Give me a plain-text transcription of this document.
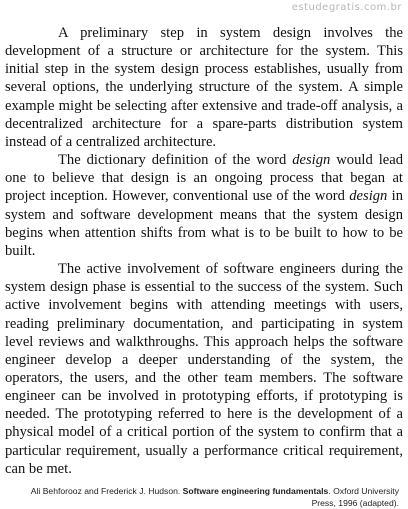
estudegratis.com.br

A preliminary step in system design involves the development of a structure or architecture for the system. This initial step in the system design process establishes, usually from several options, the underlying structure of the system. A simple example might be selecting after extensive and trade-off analysis, a decentralized architecture for a spare-parts distribution system instead of a centralized architecture.

The dictionary definition of the word design would lead one to believe that design is an ongoing process that began at project inception. However, conventional use of the word design in system and software development means that the system design begins when attention shifts from what is to be built to how to be built.

The active involvement of software engineers during the system design phase is essential to the success of the system. Such active involvement begins with attending meetings with users, reading preliminary documentation, and participating in system level reviews and walkthroughs. This approach helps the software engineer develop a deeper understanding of the system, the operators, the users, and the other team members. The software engineer can be involved in prototyping efforts, if prototyping is needed. The prototyping referred to here is the development of a physical model of a critical portion of the system to confirm that a particular requirement, usually a performance critical requirement, can be met.

Ali Behforooz and Frederick J. Hudson. Software engineering fundamentals. Oxford University Press, 1996 (adapted).
